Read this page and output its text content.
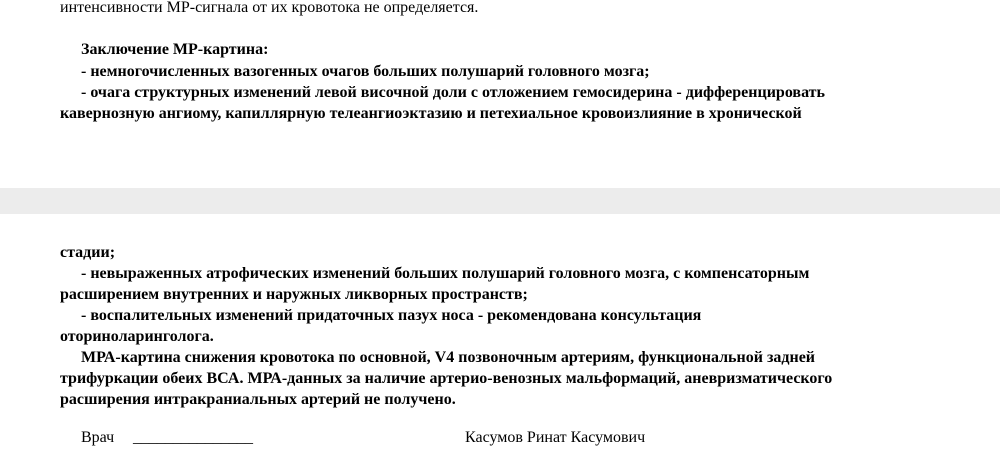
интенсивности МР-сигнала от их кровотока не определяется.
Заключение МР-картина:
- немногочисленных вазогенных очагов больших полушарий головного мозга;
- очага структурных изменений левой височной доли с отложением гемосидерина - дифференцировать
кавернозную ангиому, капиллярную телеангиоэктазию и петехиальное кровоизлияние в хронической
стадии;
- невыраженных атрофических изменений больших полушарий головного мозга, с компенсаторным
расширением внутренних и наружных ликворных пространств;
- воспалительных изменений придаточных пазух носа - рекомендована консультация
оториноларинголога.
МРА-картина снижения кровотока по основной, V4 позвоночным артериям, функциональной задней
трифуркации обеих ВСА. МРА-данных за наличие артерио-венозных мальформаций, аневризматического
расширения интракраниальных артерий не получено.
Врач _______________	Касумов Ринат Касумович
